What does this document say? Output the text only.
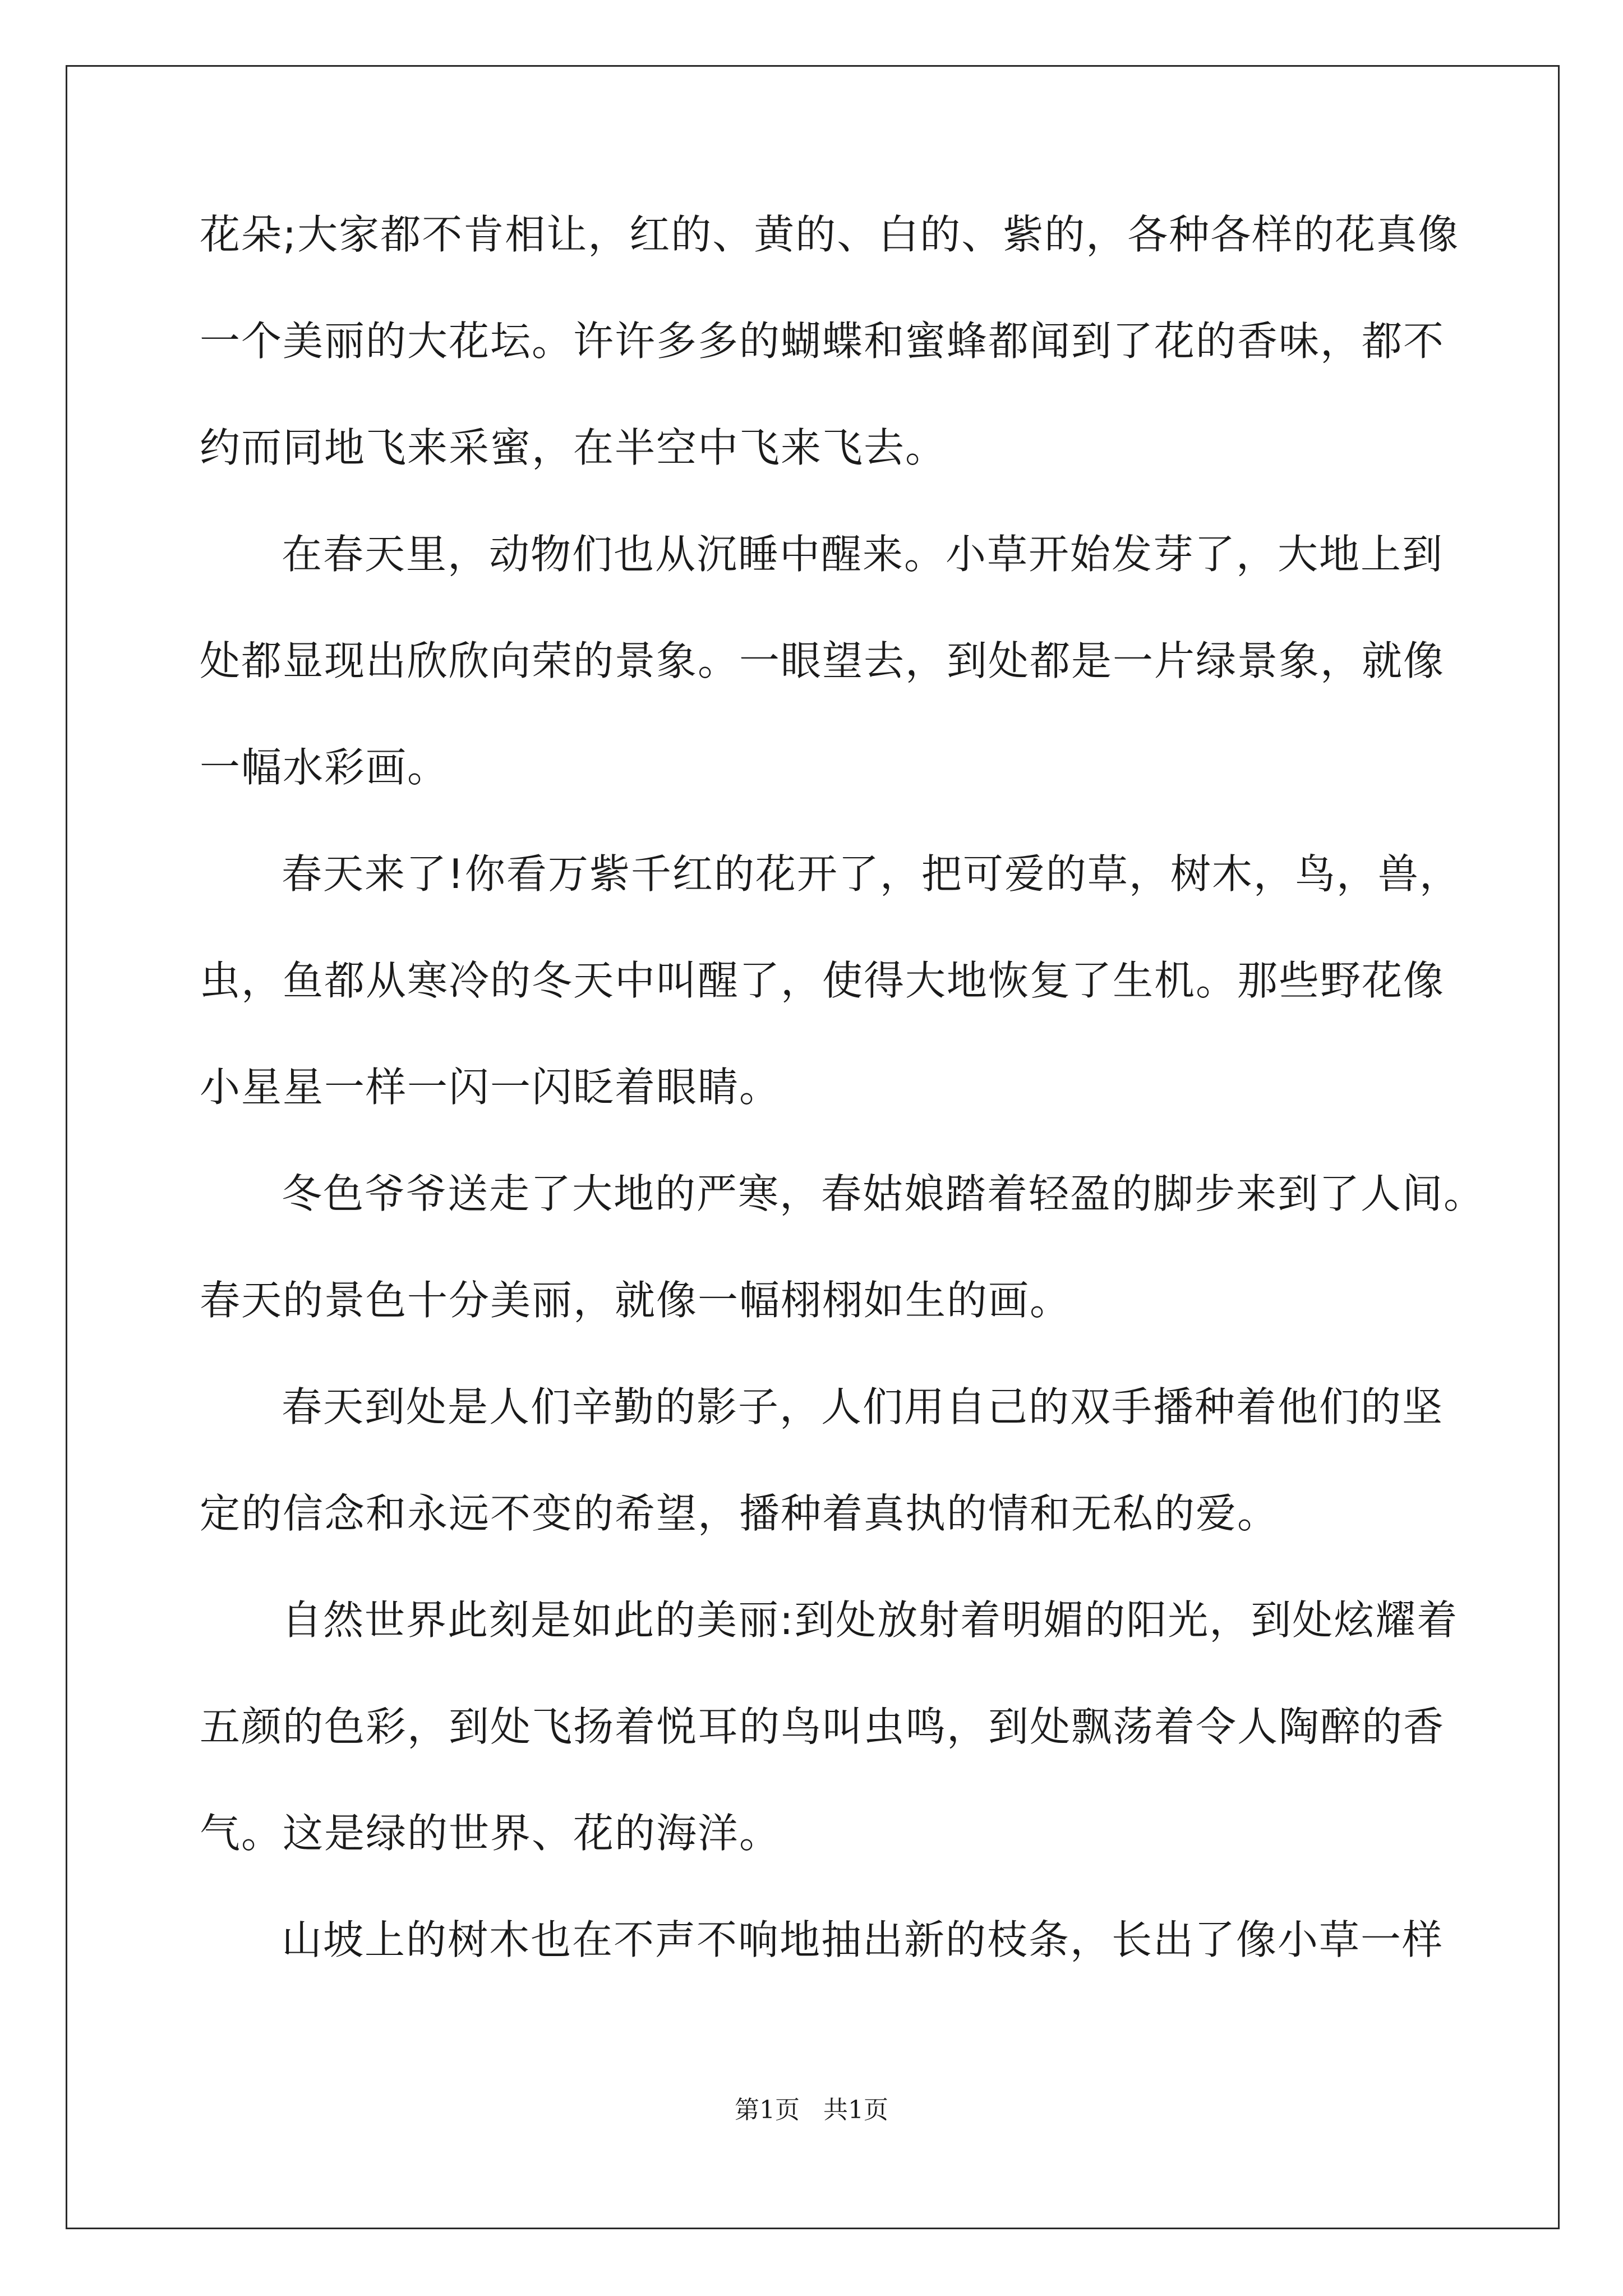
花朵;大家都不肯相让，红的、黄的、白的、紫的，各种各样的花真像
一个美丽的大花坛。许许多多的蝴蝶和蜜蜂都闻到了花的香味，都不
约而同地飞来采蜜，在半空中飞来飞去。
在春天里，动物们也从沉睡中醒来。小草开始发芽了，大地上到
处都显现出欣欣向荣的景象。一眼望去，到处都是一片绿景象，就像
一幅水彩画。
春天来了!你看万紫千红的花开了，把可爱的草，树木，鸟，兽，
虫，鱼都从寒冷的冬天中叫醒了，使得大地恢复了生机。那些野花像
小星星一样一闪一闪眨着眼睛。
冬色爷爷送走了大地的严寒，春姑娘踏着轻盈的脚步来到了人间。
春天的景色十分美丽，就像一幅栩栩如生的画。
春天到处是人们辛勤的影子，人们用自己的双手播种着他们的坚
定的信念和永远不变的希望，播种着真执的情和无私的爱。
自然世界此刻是如此的美丽:到处放射着明媚的阳光，到处炫耀着
五颜的色彩，到处飞扬着悦耳的鸟叫虫鸣，到处飘荡着令人陶醉的香
气。这是绿的世界、花的海洋。
山坡上的树木也在不声不响地抽出新的枝条，长出了像小草一样
第1页   共1页
